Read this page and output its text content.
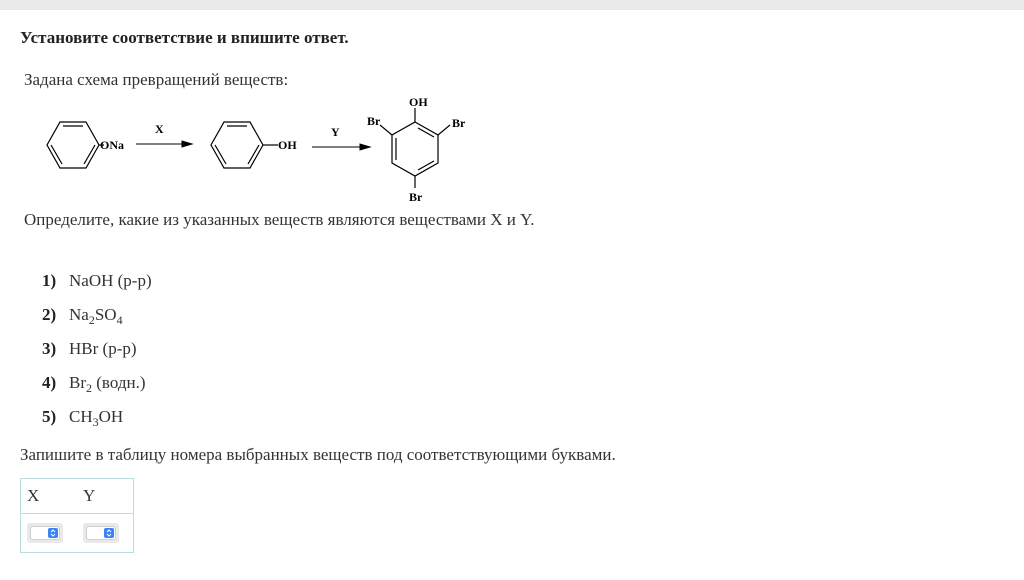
Установите соответствие и впишите ответ.
Задана схема превращений веществ:
ONa
X
OH
Y
OH
Br	Br
Br
Определите, какие из указанных веществ являются веществами X и Y.
1) NaOH (р-р)
2) $Na_2SO_4$
3) HBr (р-р)
4) $Br_2$ (водн.)
5) $CH_3OH$
Запишите в таблицу номера выбранных веществ под соответствующими буквами.
X	Y
